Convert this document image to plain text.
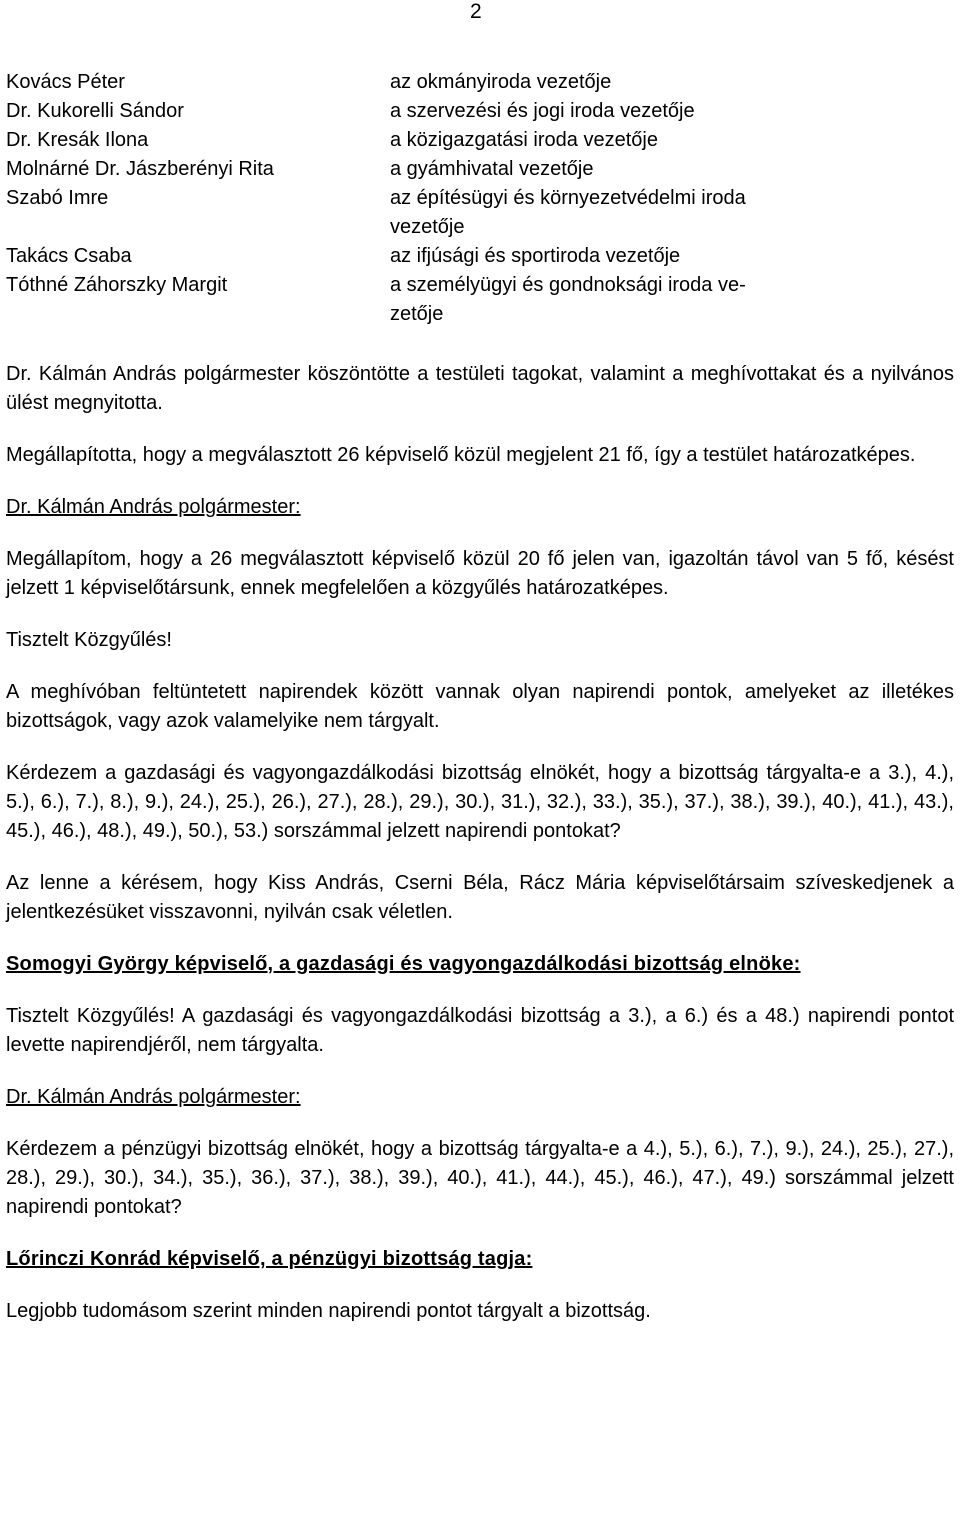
2
Kovács Péter	az okmányiroda vezetője
Dr. Kukorelli Sándor	a szervezési és jogi iroda vezetője
Dr. Kresák Ilona	a közigazgatási iroda vezetője
Molnárné Dr. Jászberényi Rita	a gyámhivatal vezetője
Szabó Imre	az építésügyi és környezetvédelmi iroda
vezetője
Takács Csaba	az ifjúsági és sportiroda vezetője
Tóthné Záhorszky Margit	a személyügyi és gondnoksági iroda ve-
zetője

Dr. Kálmán András polgármester köszöntötte a testületi tagokat, valamint a meghívottakat és a nyilvános ülést megnyitotta.

Megállapította, hogy a megválasztott 26 képviselő közül megjelent 21 fő, így a testület határozatképes.

Dr. Kálmán András polgármester:

Megállapítom, hogy a 26 megválasztott képviselő közül 20 fő jelen van, igazoltán távol van 5 fő, késést jelzett 1 képviselőtársunk, ennek megfelelően a közgyűlés határozatképes.

Tisztelt Közgyűlés!

A meghívóban feltüntetett napirendek között vannak olyan napirendi pontok, amelyeket az illetékes bizottságok, vagy azok valamelyike nem tárgyalt.

Kérdezem a gazdasági és vagyongazdálkodási bizottság elnökét, hogy a bizottság tárgyalta-e a 3.), 4.), 5.), 6.), 7.), 8.), 9.), 24.), 25.), 26.), 27.), 28.), 29.), 30.), 31.), 32.), 33.), 35.), 37.), 38.), 39.), 40.), 41.), 43.), 45.), 46.), 48.), 49.), 50.), 53.) sorszámmal jelzett napirendi pontokat?

Az lenne a kérésem, hogy Kiss András, Cserni Béla, Rácz Mária képviselőtársaim szíveskedjenek a jelentkezésüket visszavonni, nyilván csak véletlen.

Somogyi György képviselő, a gazdasági és vagyongazdálkodási bizottság elnöke:

Tisztelt Közgyűlés! A gazdasági és vagyongazdálkodási bizottság a 3.), a 6.) és a 48.) napirendi pontot levette napirendjéről, nem tárgyalta.

Dr. Kálmán András polgármester:

Kérdezem a pénzügyi bizottság elnökét, hogy a bizottság tárgyalta-e a 4.), 5.), 6.), 7.), 9.), 24.), 25.), 27.), 28.), 29.), 30.), 34.), 35.), 36.), 37.), 38.), 39.), 40.), 41.), 44.), 45.), 46.), 47.), 49.) sorszámmal jelzett napirendi pontokat?

Lőrinczi Konrád képviselő, a pénzügyi bizottság tagja:

Legjobb tudomásom szerint minden napirendi pontot tárgyalt a bizottság.
